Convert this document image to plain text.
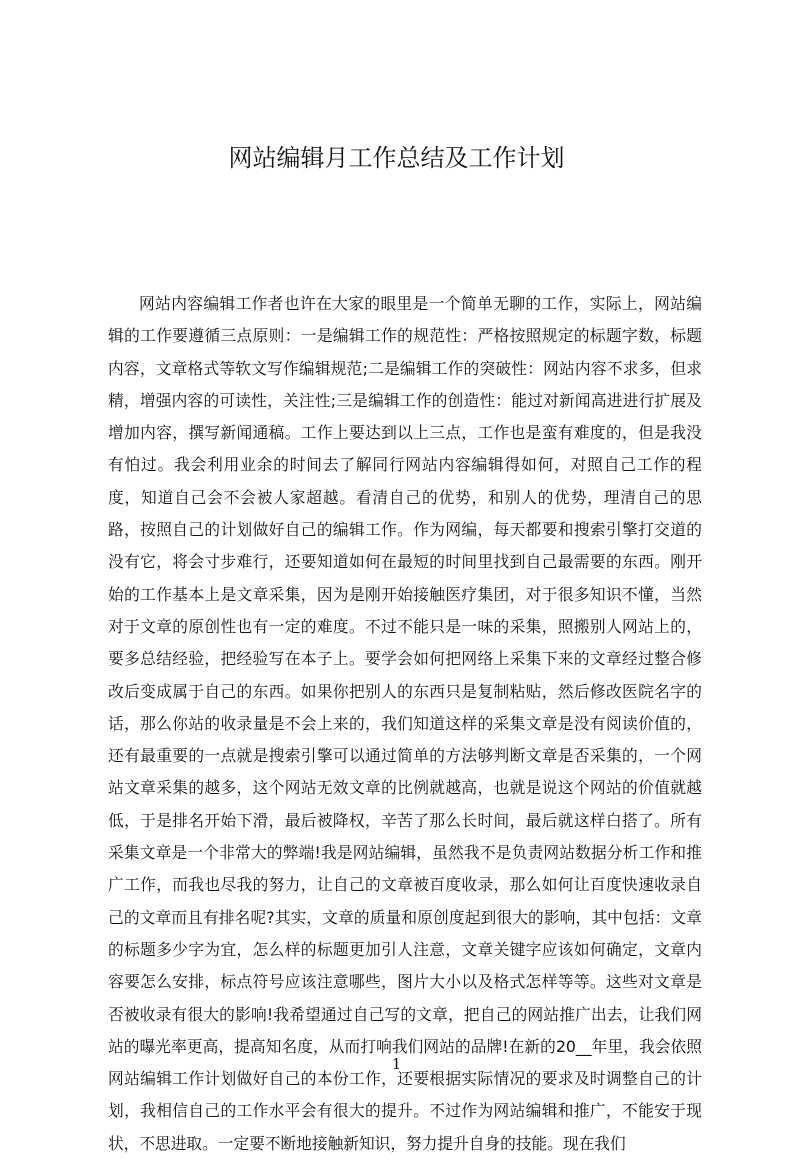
网站编辑月工作总结及工作计划

网站内容编辑工作者也许在大家的眼里是一个简单无聊的工作，实际上，网站编辑的工作要遵循三点原则：一是编辑工作的规范性：严格按照规定的标题字数，标题内容，文章格式等软文写作编辑规范;二是编辑工作的突破性：网站内容不求多，但求精，增强内容的可读性，关注性;三是编辑工作的创造性：能过对新闻高进进行扩展及增加内容，撰写新闻通稿。工作上要达到以上三点，工作也是蛮有难度的，但是我没有怕过。我会利用业余的时间去了解同行网站内容编辑得如何，对照自己工作的程度，知道自己会不会被人家超越。看清自己的优势，和别人的优势，理清自己的思路，按照自己的计划做好自己的编辑工作。作为网编，每天都要和搜索引擎打交道的没有它，将会寸步难行，还要知道如何在最短的时间里找到自己最需要的东西。刚开始的工作基本上是文章采集，因为是刚开始接触医疗集团，对于很多知识不懂，当然对于文章的原创性也有一定的难度。不过不能只是一味的采集，照搬别人网站上的，要多总结经验，把经验写在本子上。要学会如何把网络上采集下来的文章经过整合修改后变成属于自己的东西。如果你把别人的东西只是复制粘贴，然后修改医院名字的话，那么你站的收录量是不会上来的，我们知道这样的采集文章是没有阅读价值的，还有最重要的一点就是搜索引擎可以通过简单的方法够判断文章是否采集的，一个网站文章采集的越多，这个网站无效文章的比例就越高，也就是说这个网站的价值就越低，于是排名开始下滑，最后被降权，辛苦了那么长时间，最后就这样白搭了。所有采集文章是一个非常大的弊端!我是网站编辑，虽然我不是负责网站数据分析工作和推广工作，而我也尽我的努力，让自己的文章被百度收录，那么如何让百度快速收录自己的文章而且有排名呢?其实，文章的质量和原创度起到很大的影响，其中包括：文章的标题多少字为宜，怎么样的标题更加引人注意，文章关键字应该如何确定，文章内容要怎么安排，标点符号应该注意哪些，图片大小以及格式怎样等等。这些对文章是否被收录有很大的影响!我希望通过自己写的文章，把自己的网站推广出去，让我们网站的曝光率更高，提高知名度，从而打响我们网站的品牌!在新的20__年里，我会依照网站编辑工作计划做好自己的本份工作，还要根据实际情况的要求及时调整自己的计划，我相信自己的工作水平会有很大的提升。不过作为网站编辑和推广，不能安于现状，不思进取。一定要不断地接触新知识，努力提升自身的技能。现在我们

1
